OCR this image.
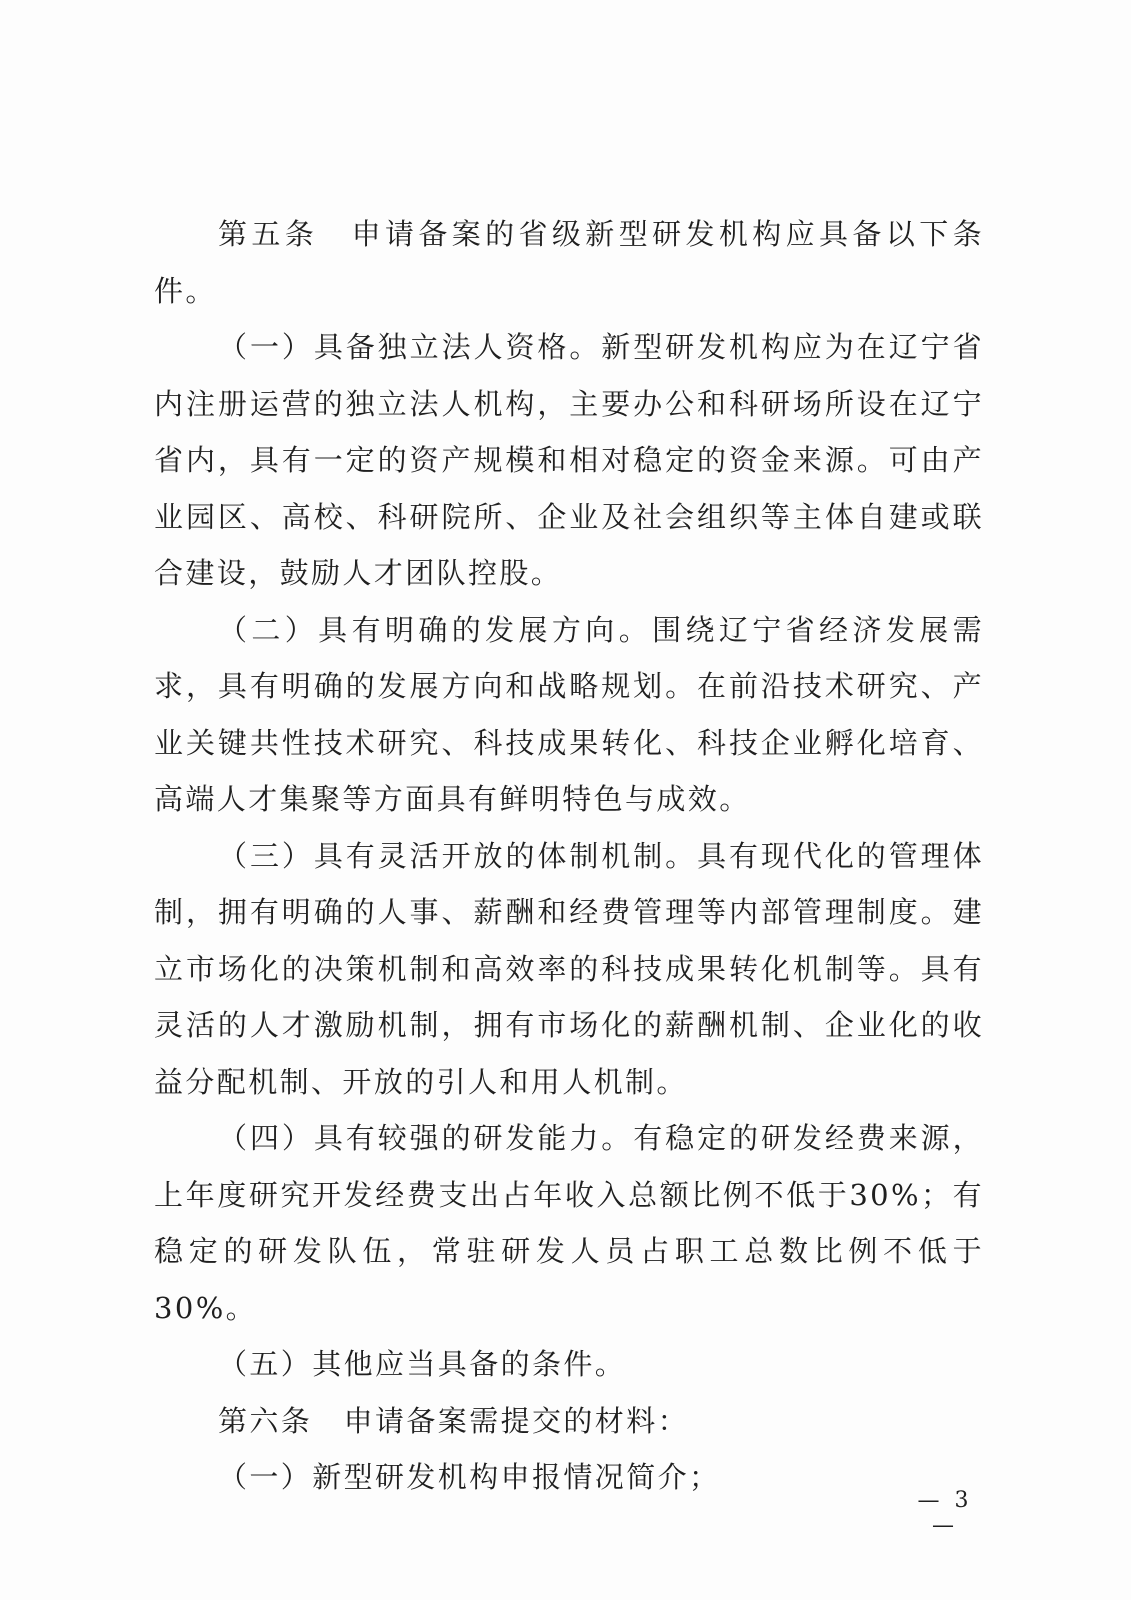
第五条　申请备案的省级新型研发机构应具备以下条件。

（一）具备独立法人资格。新型研发机构应为在辽宁省内注册运营的独立法人机构，主要办公和科研场所设在辽宁省内，具有一定的资产规模和相对稳定的资金来源。可由产业园区、高校、科研院所、企业及社会组织等主体自建或联合建设，鼓励人才团队控股。

（二）具有明确的发展方向。围绕辽宁省经济发展需求，具有明确的发展方向和战略规划。在前沿技术研究、产业关键共性技术研究、科技成果转化、科技企业孵化培育、高端人才集聚等方面具有鲜明特色与成效。

（三）具有灵活开放的体制机制。具有现代化的管理体制，拥有明确的人事、薪酬和经费管理等内部管理制度。建立市场化的决策机制和高效率的科技成果转化机制等。具有灵活的人才激励机制，拥有市场化的薪酬机制、企业化的收益分配机制、开放的引人和用人机制。

（四）具有较强的研发能力。有稳定的研发经费来源，上年度研究开发经费支出占年收入总额比例不低于30%；有稳定的研发队伍，常驻研发人员占职工总数比例不低于30%。

（五）其他应当具备的条件。

第六条　申请备案需提交的材料：

（一）新型研发机构申报情况简介；

— 3 —
